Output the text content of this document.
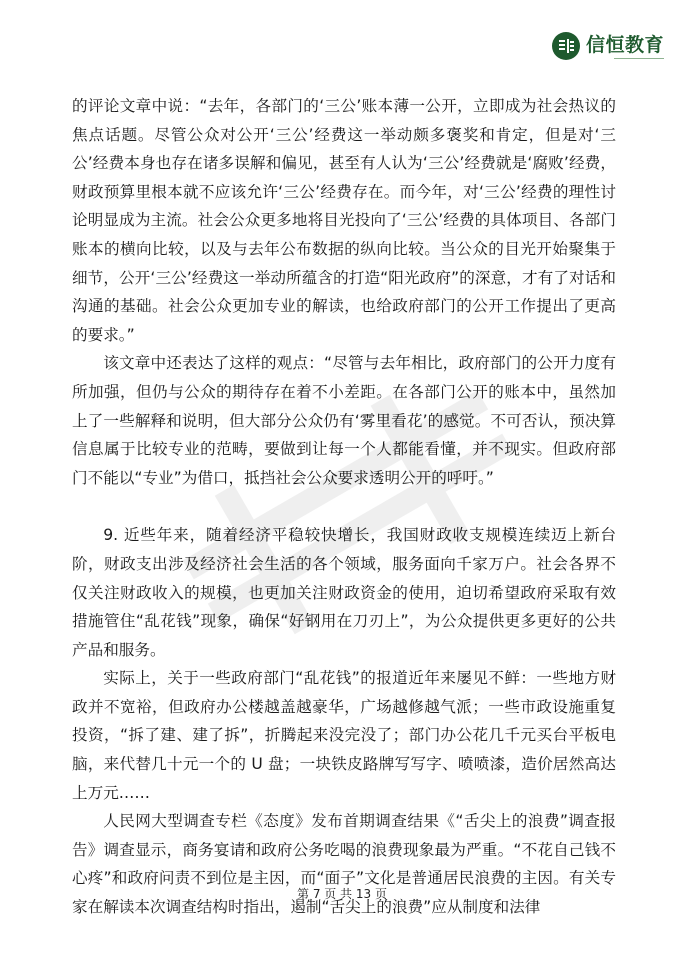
信恒教育

的评论文章中说：“去年，各部门的‘三公’账本薄一公开，立即成为社会热议的焦点话题。尽管公众对公开‘三公’经费这一举动颇多褒奖和肯定，但是对‘三公’经费本身也存在诸多误解和偏见，甚至有人认为‘三公’经费就是‘腐败’经费，财政预算里根本就不应该允许‘三公’经费存在。而今年，对‘三公’经费的理性讨论明显成为主流。社会公众更多地将目光投向了‘三公’经费的具体项目、各部门账本的横向比较，以及与去年公布数据的纵向比较。当公众的目光开始聚集于细节，公开‘三公’经费这一举动所蕴含的打造“阳光政府”的深意，才有了对话和沟通的基础。社会公众更加专业的解读，也给政府部门的公开工作提出了更高的要求。”

该文章中还表达了这样的观点：“尽管与去年相比，政府部门的公开力度有所加强，但仍与公众的期待存在着不小差距。在各部门公开的账本中，虽然加上了一些解释和说明，但大部分公众仍有‘雾里看花’的感觉。不可否认，预决算信息属于比较专业的范畴，要做到让每一个人都能看懂，并不现实。但政府部门不能以“专业”为借口，抵挡社会公众要求透明公开的呼吁。”

9. 近些年来，随着经济平稳较快增长，我国财政收支规模连续迈上新台阶，财政支出涉及经济社会生活的各个领域，服务面向千家万户。社会各界不仅关注财政收入的规模，也更加关注财政资金的使用，迫切希望政府采取有效措施管住“乱花钱”现象，确保“好钢用在刀刃上”，为公众提供更多更好的公共产品和服务。

实际上，关于一些政府部门“乱花钱”的报道近年来屡见不鲜：一些地方财政并不宽裕，但政府办公楼越盖越豪华，广场越修越气派；一些市政设施重复投资，“拆了建、建了拆”，折腾起来没完没了；部门办公花几千元买台平板电脑，来代替几十元一个的 U 盘；一块铁皮路牌写写字、喷喷漆，造价居然高达上万元……

人民网大型调查专栏《态度》发布首期调查结果《“舌尖上的浪费”调查报告》调查显示，商务宴请和政府公务吃喝的浪费现象最为严重。“不花自己钱不心疼”和政府问责不到位是主因，而“面子”文化是普通居民浪费的主因。有关专家在解读本次调查结构时指出，遏制“舌尖上的浪费”应从制度和法律

第 7 页 共 13 页
